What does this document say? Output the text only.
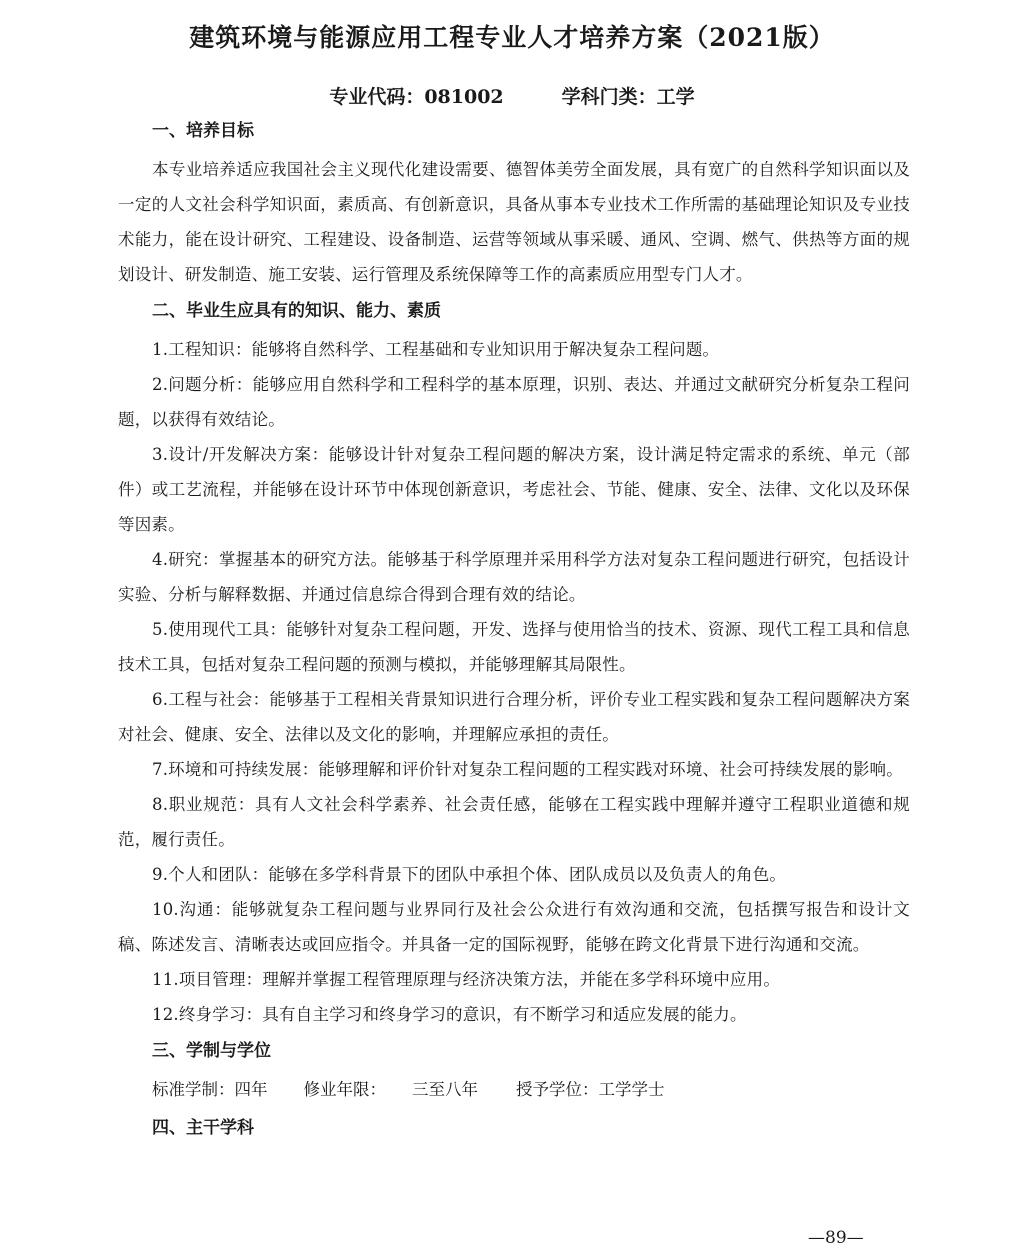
建筑环境与能源应用工程专业人才培养方案（2021版）
专业代码：081002	学科门类：工学
一、培养目标

本专业培养适应我国社会主义现代化建设需要、德智体美劳全面发展，具有宽广的自然科学知识面以及一定的人文社会科学知识面，素质高、有创新意识，具备从事本专业技术工作所需的基础理论知识及专业技术能力，能在设计研究、工程建设、设备制造、运营等领域从事采暖、通风、空调、燃气、供热等方面的规划设计、研发制造、施工安装、运行管理及系统保障等工作的高素质应用型专门人才。

二、毕业生应具有的知识、能力、素质

1.工程知识：能够将自然科学、工程基础和专业知识用于解决复杂工程问题。

2.问题分析：能够应用自然科学和工程科学的基本原理，识别、表达、并通过文献研究分析复杂工程问题，以获得有效结论。

3.设计/开发解决方案：能够设计针对复杂工程问题的解决方案，设计满足特定需求的系统、单元（部件）或工艺流程，并能够在设计环节中体现创新意识，考虑社会、节能、健康、安全、法律、文化以及环保等因素。

4.研究：掌握基本的研究方法。能够基于科学原理并采用科学方法对复杂工程问题进行研究，包括设计实验、分析与解释数据、并通过信息综合得到合理有效的结论。

5.使用现代工具：能够针对复杂工程问题，开发、选择与使用恰当的技术、资源、现代工程工具和信息技术工具，包括对复杂工程问题的预测与模拟，并能够理解其局限性。

6.工程与社会：能够基于工程相关背景知识进行合理分析，评价专业工程实践和复杂工程问题解决方案对社会、健康、安全、法律以及文化的影响，并理解应承担的责任。

7.环境和可持续发展：能够理解和评价针对复杂工程问题的工程实践对环境、社会可持续发展的影响。

8.职业规范：具有人文社会科学素养、社会责任感，能够在工程实践中理解并遵守工程职业道德和规范，履行责任。

9.个人和团队：能够在多学科背景下的团队中承担个体、团队成员以及负责人的角色。

10.沟通：能够就复杂工程问题与业界同行及社会公众进行有效沟通和交流，包括撰写报告和设计文稿、陈述发言、清晰表达或回应指令。并具备一定的国际视野，能够在跨文化背景下进行沟通和交流。

11.项目管理：理解并掌握工程管理原理与经济决策方法，并能在多学科环境中应用。

12.终身学习：具有自主学习和终身学习的意识，有不断学习和适应发展的能力。

三、学制与学位
标准学制：四年 修业年限： 三至八年 授予学位：工学学士
四、主干学科
—89—
